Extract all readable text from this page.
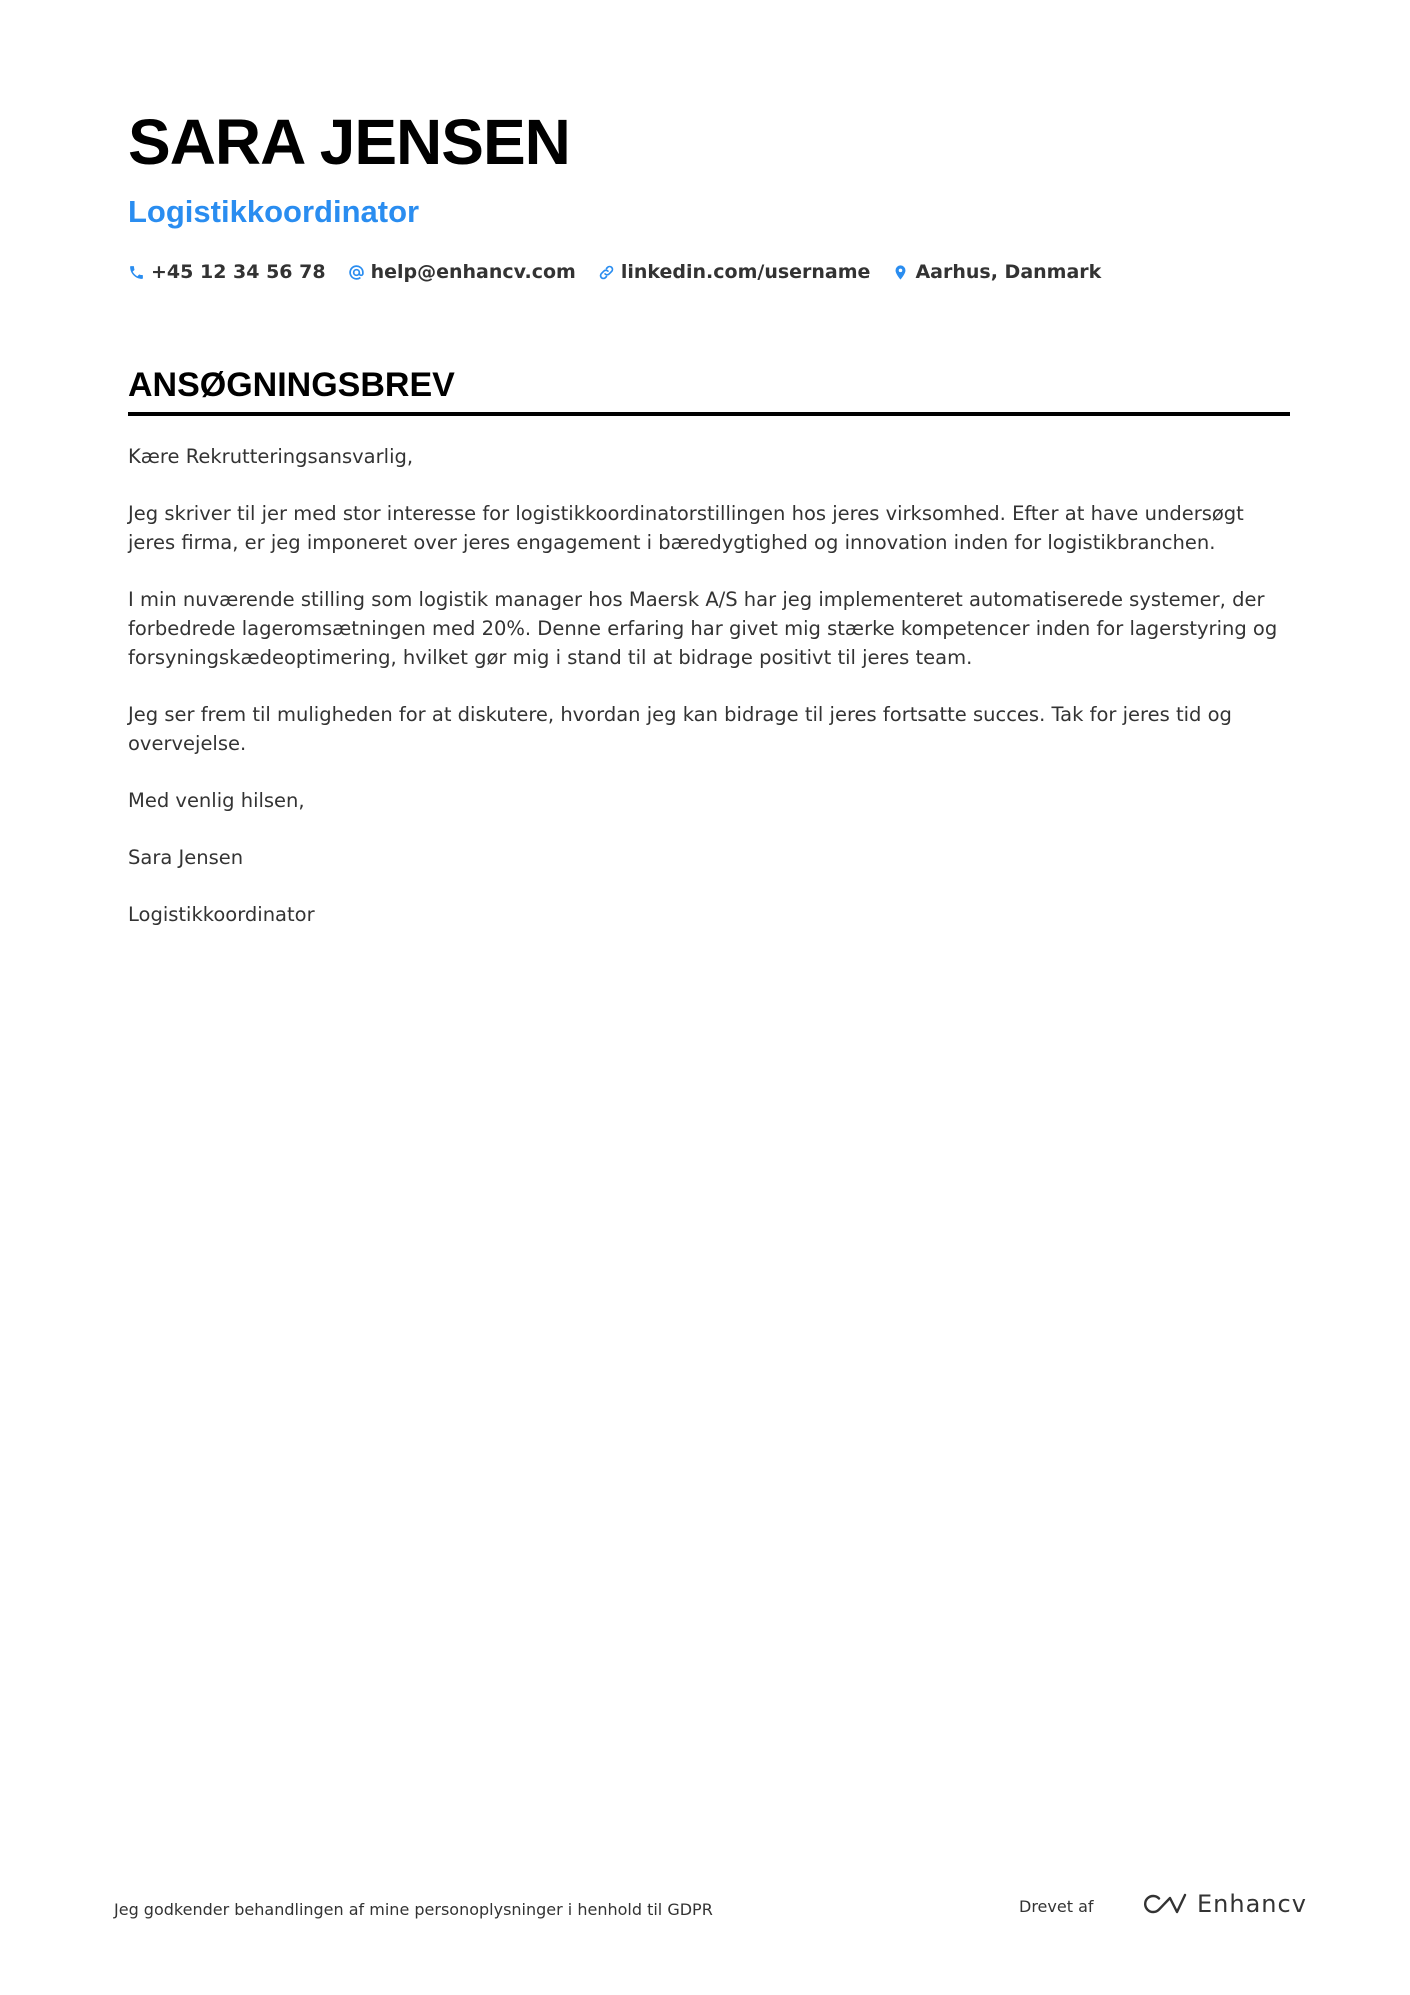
SARA JENSEN
Logistikkoordinator
+45 12 34 56 78 help@enhancv.com linkedin.com/username Aarhus, Danmark
ANSØGNINGSBREV

Kære Rekrutteringsansvarlig,

Jeg skriver til jer med stor interesse for logistikkoordinatorstillingen hos jeres virksomhed. Efter at have undersøgt jeres firma, er jeg imponeret over jeres engagement i bæredygtighed og innovation inden for logistikbranchen.

I min nuværende stilling som logistik manager hos Maersk A/S har jeg implementeret automatiserede systemer, der forbedrede lageromsætningen med 20%. Denne erfaring har givet mig stærke kompetencer inden for lagerstyring og forsyningskædeoptimering, hvilket gør mig i stand til at bidrage positivt til jeres team.

Jeg ser frem til muligheden for at diskutere, hvordan jeg kan bidrage til jeres fortsatte succes. Tak for jeres tid og overvejelse.

Med venlig hilsen,

Sara Jensen

Logistikkoordinator

Jeg godkender behandlingen af mine personoplysninger i henhold til GDPR	Drevet af	Enhancv
